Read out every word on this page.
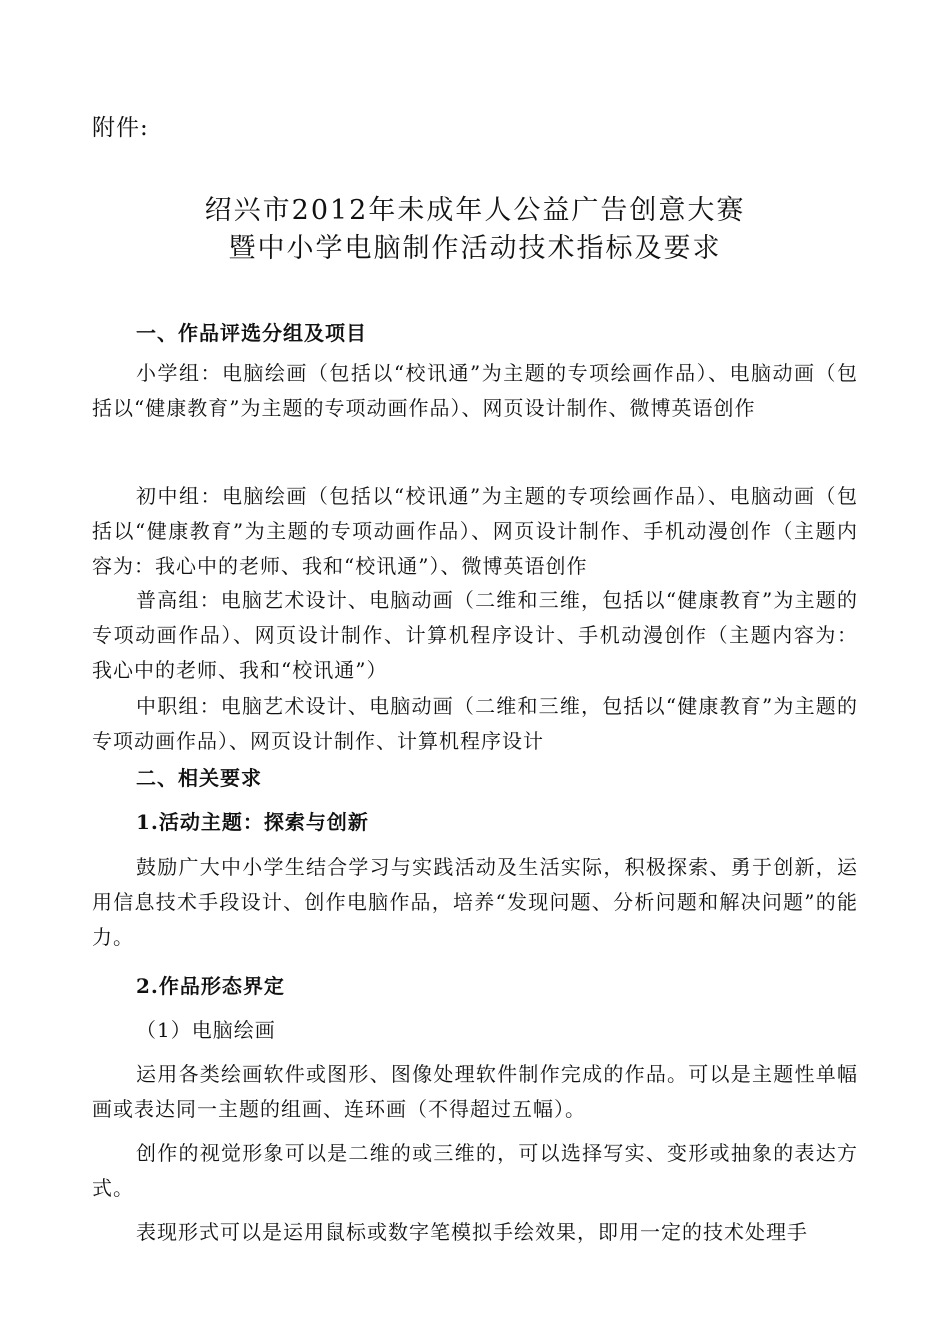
附件:
绍兴市2012年未成年人公益广告创意大赛
暨中小学电脑制作活动技术指标及要求

一、作品评选分组及项目

小学组：电脑绘画（包括以“校讯通”为主题的专项绘画作品）、电脑动画（包括以“健康教育”为主题的专项动画作品）、网页设计制作、微博英语创作

初中组：电脑绘画（包括以“校讯通”为主题的专项绘画作品）、电脑动画（包括以“健康教育”为主题的专项动画作品）、网页设计制作、手机动漫创作（主题内容为：我心中的老师、我和“校讯通”）、微博英语创作

普高组：电脑艺术设计、电脑动画（二维和三维，包括以“健康教育”为主题的专项动画作品）、网页设计制作、计算机程序设计、手机动漫创作（主题内容为：我心中的老师、我和“校讯通”）

中职组：电脑艺术设计、电脑动画（二维和三维，包括以“健康教育”为主题的专项动画作品）、网页设计制作、计算机程序设计

二、相关要求

1.活动主题：探索与创新

鼓励广大中小学生结合学习与实践活动及生活实际，积极探索、勇于创新，运用信息技术手段设计、创作电脑作品，培养“发现问题、分析问题和解决问题”的能力。

2.作品形态界定

（1）电脑绘画

运用各类绘画软件或图形、图像处理软件制作完成的作品。可以是主题性单幅画或表达同一主题的组画、连环画（不得超过五幅）。

创作的视觉形象可以是二维的或三维的，可以选择写实、变形或抽象的表达方式。

表现形式可以是运用鼠标或数字笔模拟手绘效果，即用一定的技术处理手
